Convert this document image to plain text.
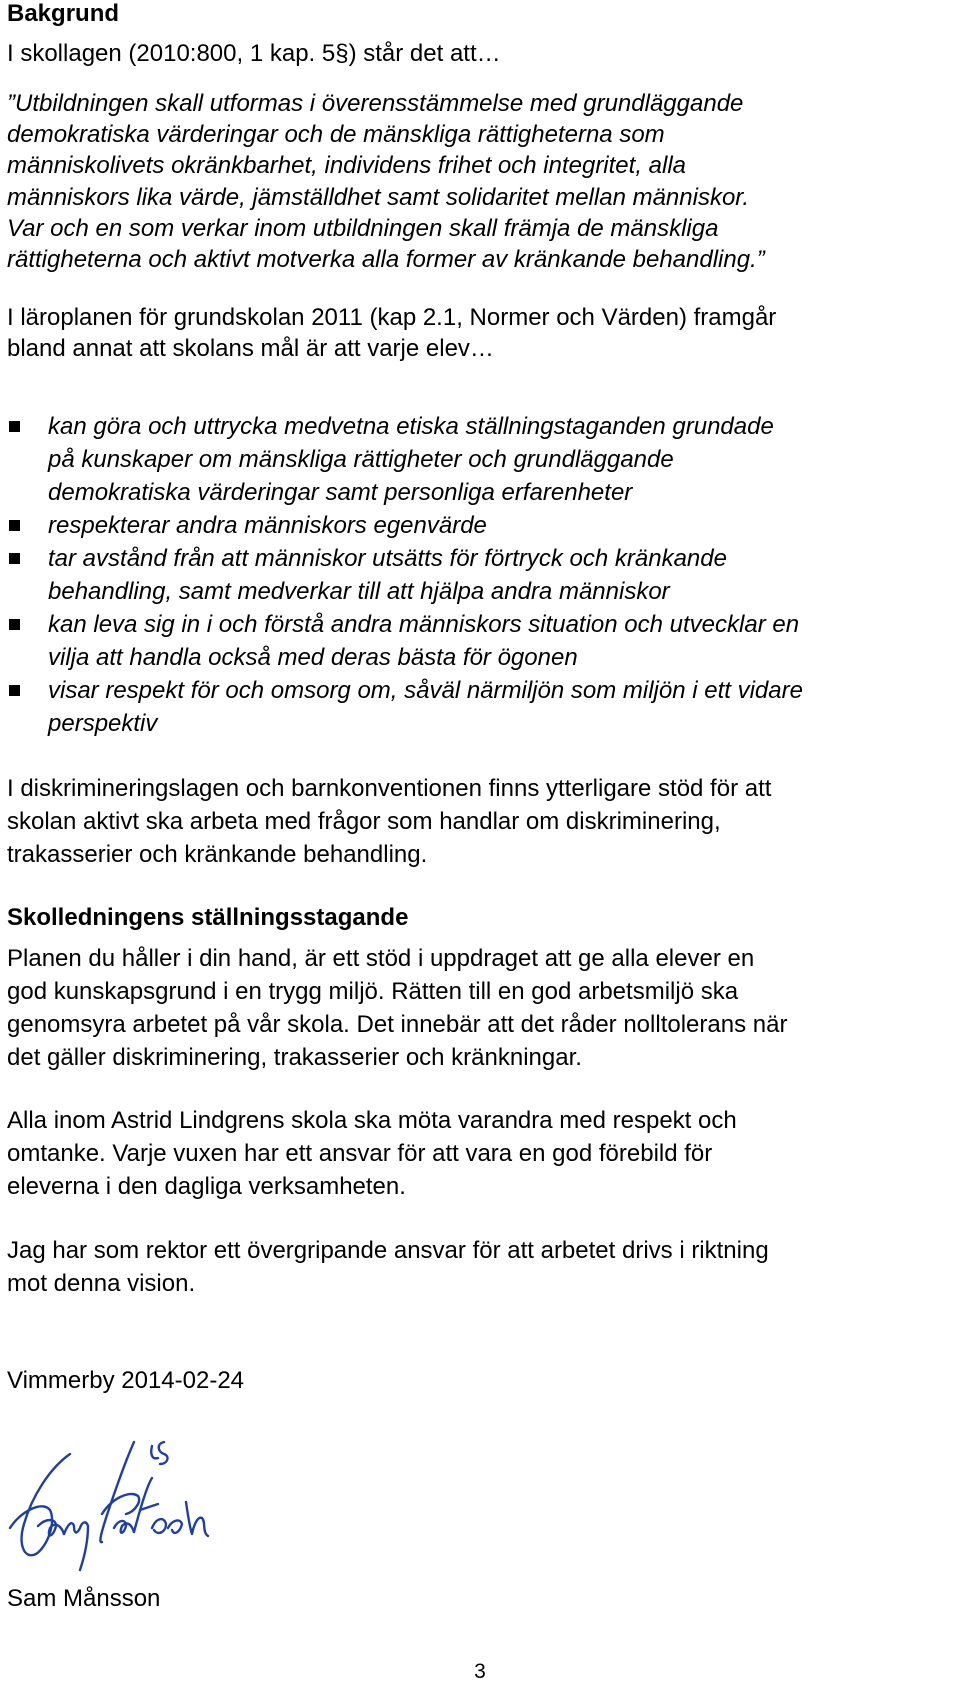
Bakgrund

I skollagen (2010:800, 1 kap. 5§) står det att…

”Utbildningen skall utformas i överensstämmelse med grundläggande

demokratiska värderingar och de mänskliga rättigheterna som

människolivets okränkbarhet, individens frihet och integritet, alla

människors lika värde, jämställdhet samt solidaritet mellan människor.

Var och en som verkar inom utbildningen skall främja de mänskliga

rättigheterna och aktivt motverka alla former av kränkande behandling.”

I läroplanen för grundskolan 2011 (kap 2.1, Normer och Värden) framgår

bland annat att skolans mål är att varje elev…

kan göra och uttrycka medvetna etiska ställningstaganden grundade

på kunskaper om mänskliga rättigheter och grundläggande

demokratiska värderingar samt personliga erfarenheter

respekterar andra människors egenvärde

tar avstånd från att människor utsätts för förtryck och kränkande

behandling, samt medverkar till att hjälpa andra människor

kan leva sig in i och förstå andra människors situation och utvecklar en

vilja att handla också med deras bästa för ögonen

visar respekt för och omsorg om, såväl närmiljön som miljön i ett vidare

perspektiv

I diskrimineringslagen och barnkonventionen finns ytterligare stöd för att

skolan aktivt ska arbeta med frågor som handlar om diskriminering,

trakasserier och kränkande behandling.

Skolledningens ställningsstagande

Planen du håller i din hand, är ett stöd i uppdraget att ge alla elever en

god kunskapsgrund i en trygg miljö. Rätten till en god arbetsmiljö ska

genomsyra arbetet på vår skola. Det innebär att det råder nolltolerans när

det gäller diskriminering, trakasserier och kränkningar.

Alla inom Astrid Lindgrens skola ska möta varandra med respekt och

omtanke. Varje vuxen har ett ansvar för att vara en god förebild för

eleverna i den dagliga verksamheten.

Jag har som rektor ett övergripande ansvar för att arbetet drivs i riktning

mot denna vision.

Vimmerby 2014-02-24

Sam Månsson

3
